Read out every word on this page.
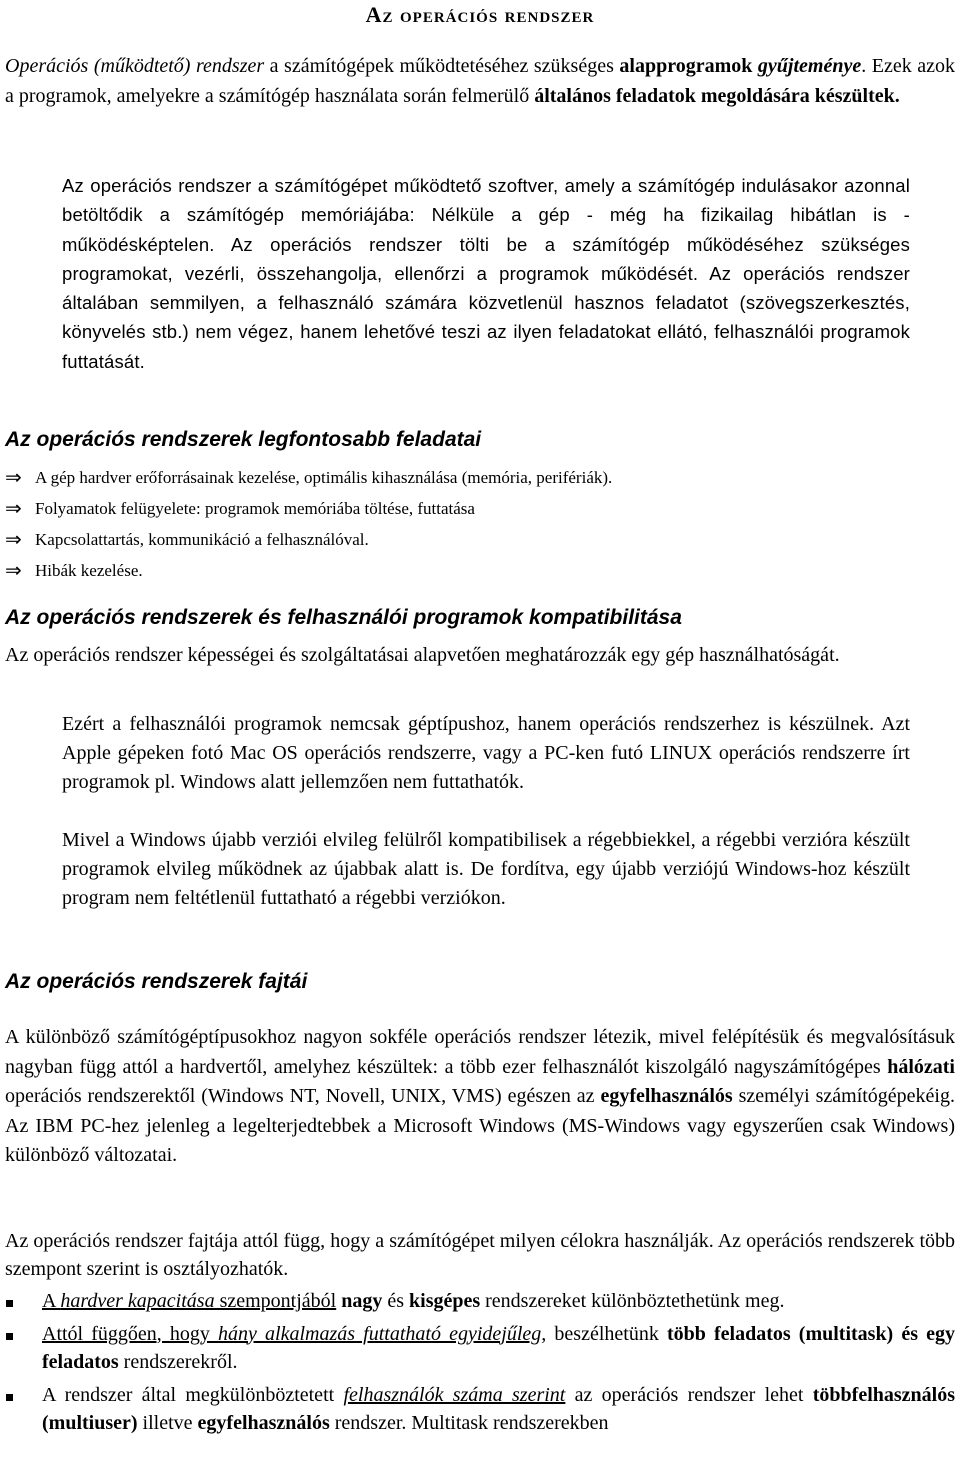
Az operációs rendszer
Operációs (működtető) rendszer a számítógépek működtetéséhez szükséges alapprogramok gyűjteménye. Ezek azok a programok, amelyekre a számítógép használata során felmerülő általános feladatok megoldására készültek.
Az operációs rendszer a számítógépet működtető szoftver, amely a számítógép indulásakor azonnal betöltődik a számítógép memóriájába: Nélküle a gép - még ha fizikailag hibátlan is - működésképtelen. Az operációs rendszer tölti be a számítógép működéséhez szükséges programokat, vezérli, összehangolja, ellenőrzi a programok működését. Az operációs rendszer általában semmilyen, a felhasználó számára közvetlenül hasznos feladatot (szövegszerkesztés, könyvelés stb.) nem végez, hanem lehetővé teszi az ilyen feladatokat ellátó, felhasználói programok futtatását.
Az operációs rendszerek legfontosabb feladatai
⇒ A gép hardver erőforrásainak kezelése, optimális kihasználása (memória, perifériák).
⇒ Folyamatok felügyelete: programok memóriába töltése, futtatása
⇒ Kapcsolattartás, kommunikáció a felhasználóval.
⇒ Hibák kezelése.
Az operációs rendszerek és felhasználói programok kompatibilitása
Az operációs rendszer képességei és szolgáltatásai alapvetően meghatározzák egy gép használhatóságát.
Ezért a felhasználói programok nemcsak géptípushoz, hanem operációs rendszerhez is készülnek. Azt Apple gépeken fotó Mac OS operációs rendszerre, vagy a PC-ken futó LINUX operációs rendszerre írt programok pl. Windows alatt jellemzően nem futtathatók.
Mivel a Windows újabb verziói elvileg felülről kompatibilisek a régebbiekkel, a régebbi verzióra készült programok elvileg működnek az újabbak alatt is. De fordítva, egy újabb verziójú Windows-hoz készült program nem feltétlenül futtatható a régebbi verziókon.
Az operációs rendszerek fajtái
A különböző számítógéptípusokhoz nagyon sokféle operációs rendszer létezik, mivel felépítésük és megvalósításuk nagyban függ attól a hardvertől, amelyhez készültek: a több ezer felhasználót kiszolgáló nagyszámítógépes hálózati operációs rendszerektől (Windows NT, Novell, UNIX, VMS) egészen az egyfelhasználós személyi számítógépekéig. Az IBM PC-hez jelenleg a legelterjedtebbek a Microsoft Windows (MS-Windows vagy egyszerűen csak Windows) különböző változatai.
Az operációs rendszer fajtája attól függ, hogy a számítógépet milyen célokra használják. Az operációs rendszerek több szempont szerint is osztályozhatók.
A hardver kapacitása szempontjából nagy és kisgépes rendszereket különböztethetünk meg.
Attól függően, hogy hány alkalmazás futtatható egyidejűleg, beszélhetünk több feladatos (multitask) és egy feladatos rendszerekről.
A rendszer által megkülönböztetett felhasználók száma szerint az operációs rendszer lehet többfelhasználós (multiuser) illetve egyfelhasználós rendszer. Multitask rendszerekben
